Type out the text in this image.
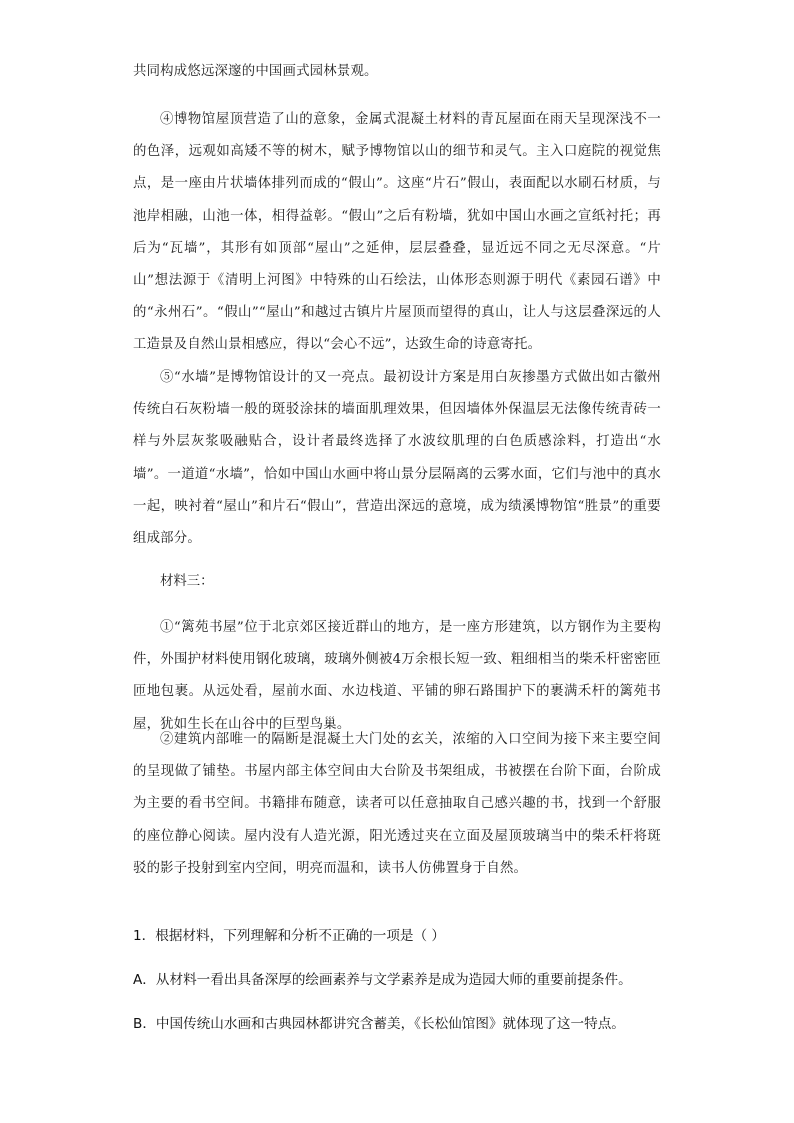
共同构成悠远深邃的中国画式园林景观。

④博物馆屋顶营造了山的意象，金属式混凝土材料的青瓦屋面在雨天呈现深浅不一的色泽，远观如高矮不等的树木，赋予博物馆以山的细节和灵气。主入口庭院的视觉焦点，是一座由片状墙体排列而成的“假山”。这座“片石”假山，表面配以水刷石材质，与池岸相融，山池一体，相得益彰。“假山”之后有粉墙，犹如中国山水画之宣纸衬托；再后为“瓦墙”，其形有如顶部“屋山”之延伸，层层叠叠，显近远不同之无尽深意。“片山”想法源于《清明上河图》中特殊的山石绘法，山体形态则源于明代《素园石谱》中的“永州石”。“假山”“屋山”和越过古镇片片屋顶而望得的真山，让人与这层叠深远的人工造景及自然山景相感应，得以“会心不远”，达致生命的诗意寄托。

⑤“水墙”是博物馆设计的又一亮点。最初设计方案是用白灰掺墨方式做出如古徽州传统白石灰粉墙一般的斑驳涂抹的墙面肌理效果，但因墙体外保温层无法像传统青砖一样与外层灰浆吸融贴合，设计者最终选择了水波纹肌理的白色质感涂料，打造出“水墙”。一道道“水墙”，恰如中国山水画中将山景分层隔离的云雾水面，它们与池中的真水一起，映衬着“屋山”和片石“假山”，营造出深远的意境，成为绩溪博物馆“胜景”的重要组成部分。

材料三：

①“篱苑书屋”位于北京郊区接近群山的地方，是一座方形建筑，以方钢作为主要构件，外围护材料使用钢化玻璃，玻璃外侧被4万余根长短一致、粗细相当的柴禾杆密密匝匝地包裹。从远处看，屋前水面、水边栈道、平铺的卵石路围护下的裹满禾杆的篱苑书屋，犹如生长在山谷中的巨型鸟巢。

②建筑内部唯一的隔断是混凝土大门处的玄关，浓缩的入口空间为接下来主要空间的呈现做了铺垫。书屋内部主体空间由大台阶及书架组成，书被摆在台阶下面，台阶成为主要的看书空间。书籍排布随意，读者可以任意抽取自己感兴趣的书，找到一个舒服的座位静心阅读。屋内没有人造光源，阳光透过夹在立面及屋顶玻璃当中的柴禾杆将斑驳的影子投射到室内空间，明亮而温和，读书人仿佛置身于自然。

1．根据材料，下列理解和分析不正确的一项是（ ）

A．从材料一看出具备深厚的绘画素养与文学素养是成为造园大师的重要前提条件。

B．中国传统山水画和古典园林都讲究含蓄美，《长松仙馆图》就体现了这一特点。
